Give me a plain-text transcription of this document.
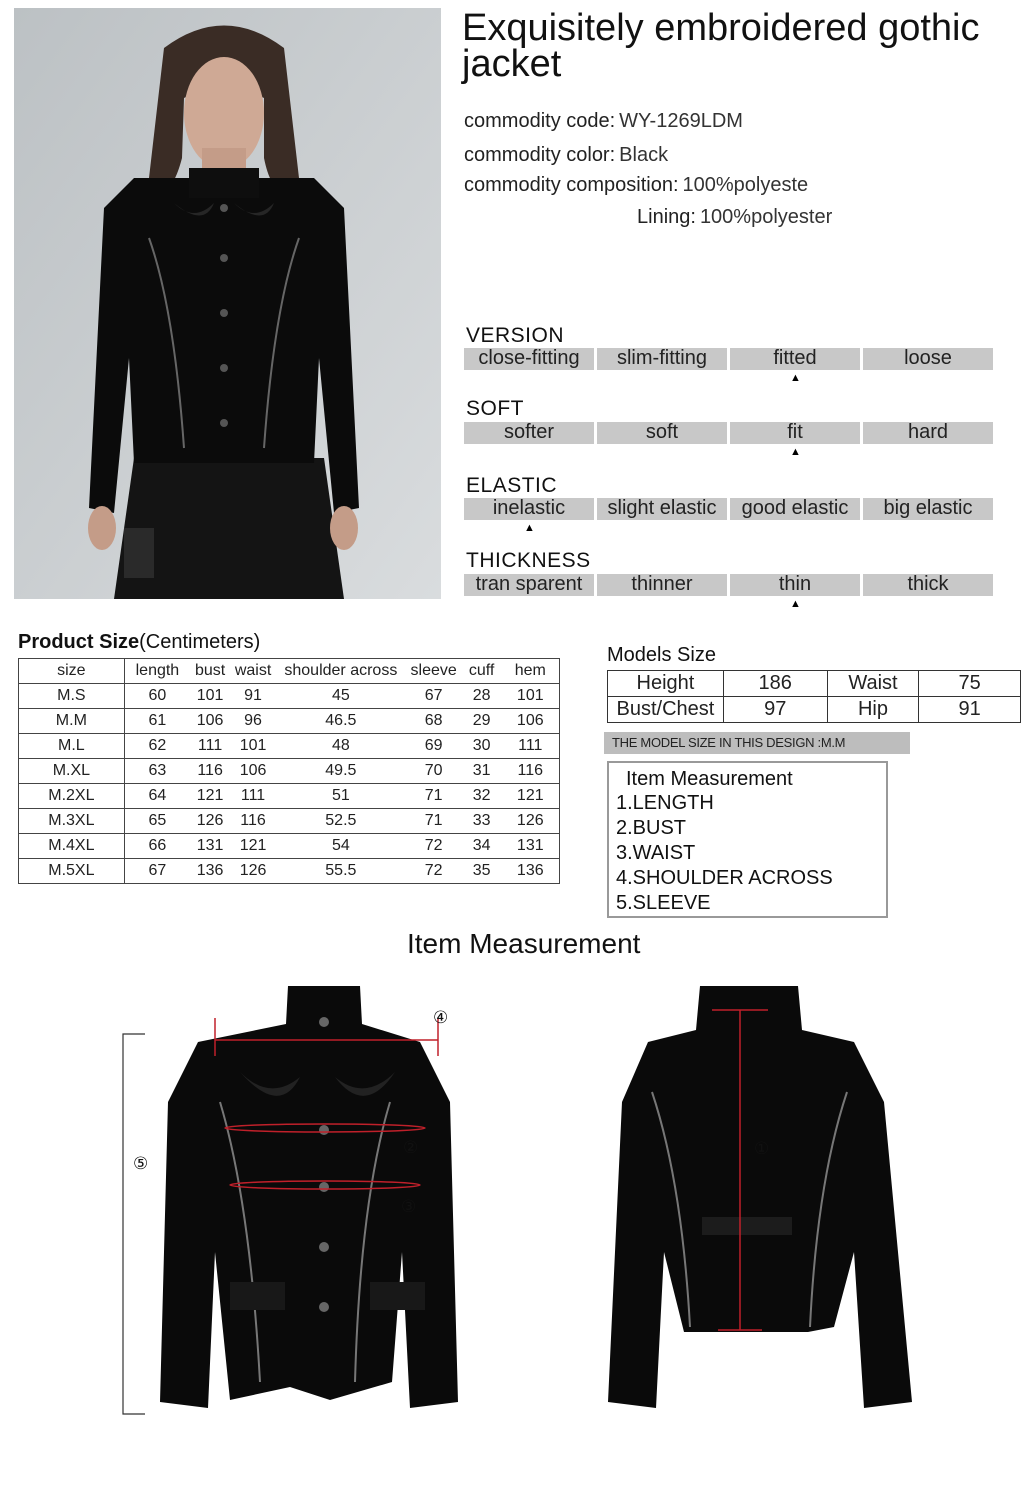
Exquisitely embroidered gothic jacket
commodity code: WY-1269LDM
commodity color: Black
commodity composition: 100%polyeste
Lining: 100%polyester
VERSION
close-fitting	slim-fitting	fitted	loose
▲
SOFT
softer	soft	fit	hard
▲
ELASTIC
inelastic	slight elastic	good elastic	big elastic
▲
THICKNESS
tran sparent	thinner	thin	thick
▲
Product Size(Centimeters)
size	length	bust	waist	shoulder across	sleeve	cuff	hem
M.S	60	101	91	45	67	28	101
M.M	61	106	96	46.5	68	29	106
M.L	62	111	101	48	69	30	111
M.XL	63	116	106	49.5	70	31	116
M.2XL	64	121	111	51	71	32	121
M.3XL	65	126	116	52.5	71	33	126
M.4XL	66	131	121	54	72	34	131
M.5XL	67	136	126	55.5	72	35	136
Models Size
Height	186	Waist	75
Bust/Chest	97	Hip	91
THE MODEL SIZE IN THIS DESIGN :M.M
Item Measurement
1.LENGTH
2.BUST
3.WAIST
4.SHOULDER ACROSS
5.SLEEVE
Item Measurement
④
②
③
⑤
①
